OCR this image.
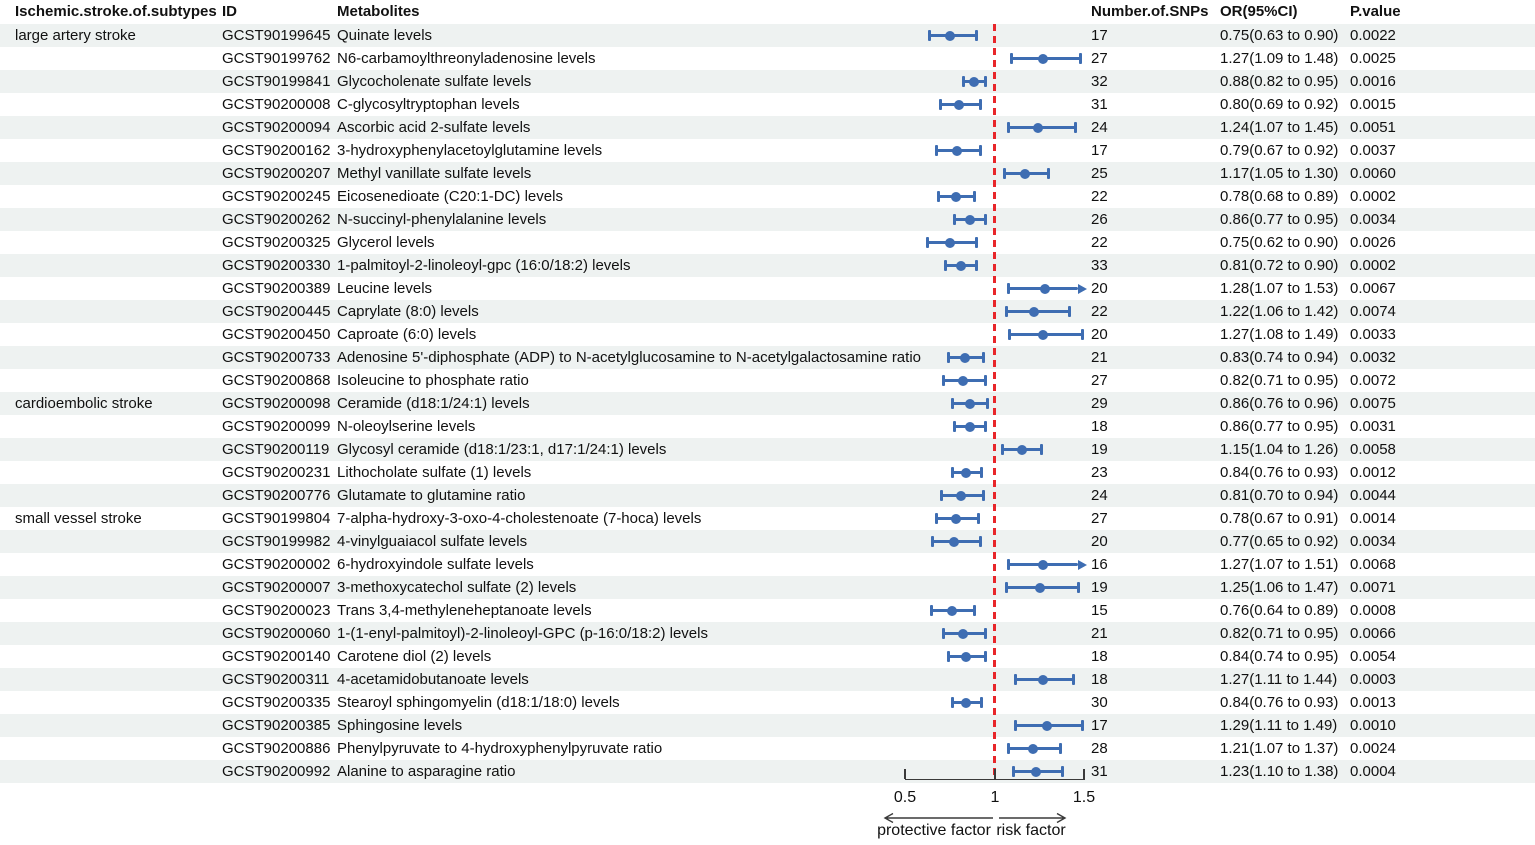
Ischemic.stroke.of.subtypes ID	Metabolites	Number.of.SNPs OR(95%CI)	P.value
large artery stroke	GCST90199645 Quinate levels	17	0.75(0.63 to 0.90) 0.0022
GCST90199762 N6-carbamoylthreonyladenosine levels	27	1.27(1.09 to 1.48) 0.0025
GCST90199841 Glycocholenate sulfate levels	32	0.88(0.82 to 0.95) 0.0016
GCST90200008 C-glycosyltryptophan levels	31	0.80(0.69 to 0.92) 0.0015
GCST90200094 Ascorbic acid 2-sulfate levels	24	1.24(1.07 to 1.45) 0.0051
GCST90200162 3-hydroxyphenylacetoylglutamine levels	17	0.79(0.67 to 0.92) 0.0037
GCST90200207 Methyl vanillate sulfate levels	25	1.17(1.05 to 1.30) 0.0060
GCST90200245 Eicosenedioate (C20:1-DC) levels	22	0.78(0.68 to 0.89) 0.0002
GCST90200262 N-succinyl-phenylalanine levels	26	0.86(0.77 to 0.95) 0.0034
GCST90200325 Glycerol levels	22	0.75(0.62 to 0.90) 0.0026
GCST90200330 1-palmitoyl-2-linoleoyl-gpc (16:0/18:2) levels	33	0.81(0.72 to 0.90) 0.0002
GCST90200389 Leucine levels	20	1.28(1.07 to 1.53) 0.0067
GCST90200445 Caprylate (8:0) levels	22	1.22(1.06 to 1.42) 0.0074
GCST90200450 Caproate (6:0) levels	20	1.27(1.08 to 1.49) 0.0033
GCST90200733 Adenosine 5'-diphosphate (ADP) to N-acetylglucosamine to N-acetylgalactosamine ratio	21	0.83(0.74 to 0.94) 0.0032
GCST90200868 Isoleucine to phosphate ratio	27	0.82(0.71 to 0.95) 0.0072
cardioembolic stroke	GCST90200098 Ceramide (d18:1/24:1) levels	29	0.86(0.76 to 0.96) 0.0075
GCST90200099 N-oleoylserine levels	18	0.86(0.77 to 0.95) 0.0031
GCST90200119 Glycosyl ceramide (d18:1/23:1, d17:1/24:1) levels	19	1.15(1.04 to 1.26) 0.0058
GCST90200231 Lithocholate sulfate (1) levels	23	0.84(0.76 to 0.93) 0.0012
GCST90200776 Glutamate to glutamine ratio	24	0.81(0.70 to 0.94) 0.0044
small vessel stroke	GCST90199804 7-alpha-hydroxy-3-oxo-4-cholestenoate (7-hoca) levels	27	0.78(0.67 to 0.91) 0.0014
GCST90199982 4-vinylguaiacol sulfate levels	20	0.77(0.65 to 0.92) 0.0034
GCST90200002 6-hydroxyindole sulfate levels	16	1.27(1.07 to 1.51) 0.0068
GCST90200007 3-methoxycatechol sulfate (2) levels	19	1.25(1.06 to 1.47) 0.0071
GCST90200023 Trans 3,4-methyleneheptanoate levels	15	0.76(0.64 to 0.89) 0.0008
GCST90200060 1-(1-enyl-palmitoyl)-2-linoleoyl-GPC (p-16:0/18:2) levels	21	0.82(0.71 to 0.95) 0.0066
GCST90200140 Carotene diol (2) levels	18	0.84(0.74 to 0.95) 0.0054
GCST90200311 4-acetamidobutanoate levels	18	1.27(1.11 to 1.44) 0.0003
GCST90200335 Stearoyl sphingomyelin (d18:1/18:0) levels	30	0.84(0.76 to 0.93) 0.0013
GCST90200385 Sphingosine levels	17	1.29(1.11 to 1.49) 0.0010
GCST90200886 Phenylpyruvate to 4-hydroxyphenylpyruvate ratio	28	1.21(1.07 to 1.37) 0.0024
GCST90200992 Alanine to asparagine ratio	31	1.23(1.10 to 1.38) 0.0004
0.5	1	1.5
protective factor risk factor
